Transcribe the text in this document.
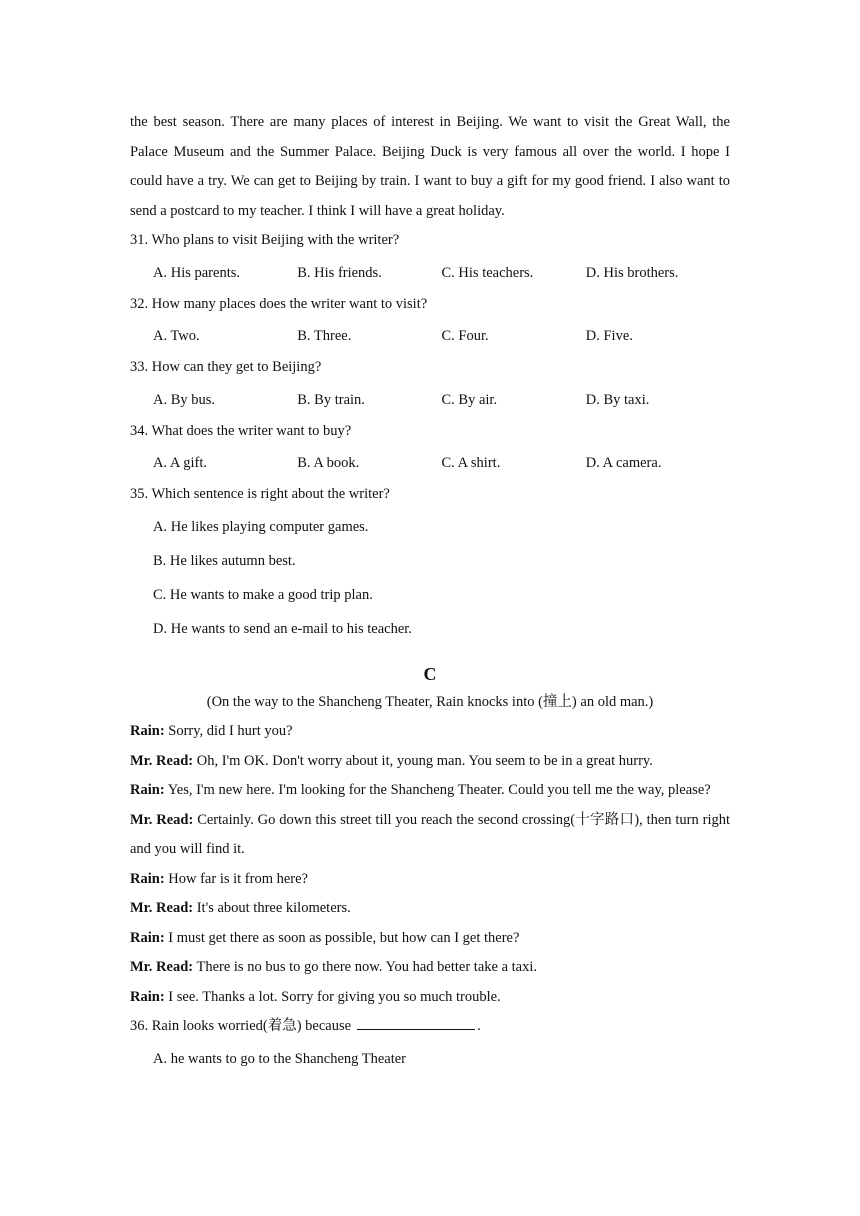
the best season. There are many places of interest in Beijing. We want to visit the Great Wall, the Palace Museum and the Summer Palace. Beijing Duck is very famous all over the world. I hope I could have a try. We can get to Beijing by train. I want to buy a gift for my good friend. I also want to send a postcard to my teacher. I think I will have a great holiday.

31. Who plans to visit Beijing with the writer?

A. His parents.	B. His friends.	C. His teachers.	D. His brothers.

32. How many places does the writer want to visit?

A. Two.	B. Three.	C. Four.	D. Five.

33. How can they get to Beijing?

A. By bus.	B. By train.	C. By air.	D. By taxi.

34. What does the writer want to buy?

A. A gift.	B. A book.	C. A shirt.	D. A camera.

35. Which sentence is right about the writer?

A. He likes playing computer games.
B. He likes autumn best.
C. He wants to make a good trip plan.
D. He wants to send an e-mail to his teacher.
C

(On the way to the Shancheng Theater, Rain knocks into (撞上) an old man.)

Rain: Sorry, did I hurt you?

Mr. Read: Oh, I'm OK. Don't worry about it, young man. You seem to be in a great hurry.

Rain: Yes, I'm new here. I'm looking for the Shancheng Theater. Could you tell me the way, please?

Mr. Read: Certainly. Go down this street till you reach the second crossing(十字路口), then turn right and you will find it.

Rain: How far is it from here?

Mr. Read: It's about three kilometers.

Rain: I must get there as soon as possible, but how can I get there?

Mr. Read: There is no bus to go there now. You had better take a taxi.

Rain: I see. Thanks a lot. Sorry for giving you so much trouble.

36. Rain looks worried(着急) because	.

A. he wants to go to the Shancheng Theater
